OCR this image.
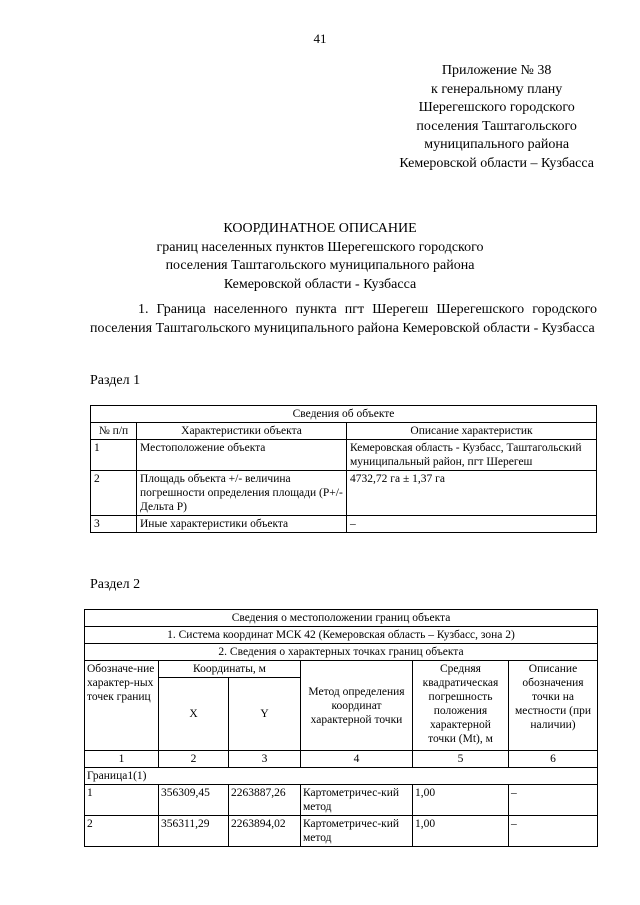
41
Приложение № 38
к генеральному плану
Шерегешского городского
поселения Таштагольского
муниципального района
Кемеровской области – Кузбасса
КООРДИНАТНОЕ ОПИСАНИЕ
границ населенных пунктов Шерегешского городского
поселения Таштагольского муниципального района
Кемеровской области - Кузбасса

1. Граница населенного пункта пгт Шерегеш Шерегешского городского поселения Таштагольского муниципального района Кемеровской области - Кузбасса

Раздел 1

Сведения об объекте		
№ п/п	Характеристики объекта	Описание характеристик
1	Местоположение объекта	Кемеровская область - Кузбасс, Таштагольский муниципальный район, пгт Шерегеш
2	Площадь объекта +/- величина погрешности определения площади (Р+/- Дельта Р)	4732,72 га ± 1,37 га
3	Иные характеристики объекта	–

Раздел 2

Сведения о местоположении границ объекта					
1. Система координат МСК 42 (Кемеровская область – Кузбасс, зона 2)					
2. Сведения о характерных точках границ объекта					
Обозначе-ние характер-ных точек границ	Координаты, м		Метод определения координат характерной точки	Средняя квадратическая погрешность положения характерной точки (Mt), м	Описание обозначения точки на местности (при наличии)
	X	Y			
1	2	3	4	5	6
Граница1(1)					
1	356309,45	2263887,26	Картометричес-кий метод	1,00	–
2	356311,29	2263894,02	Картометричес-кий метод	1,00	–
